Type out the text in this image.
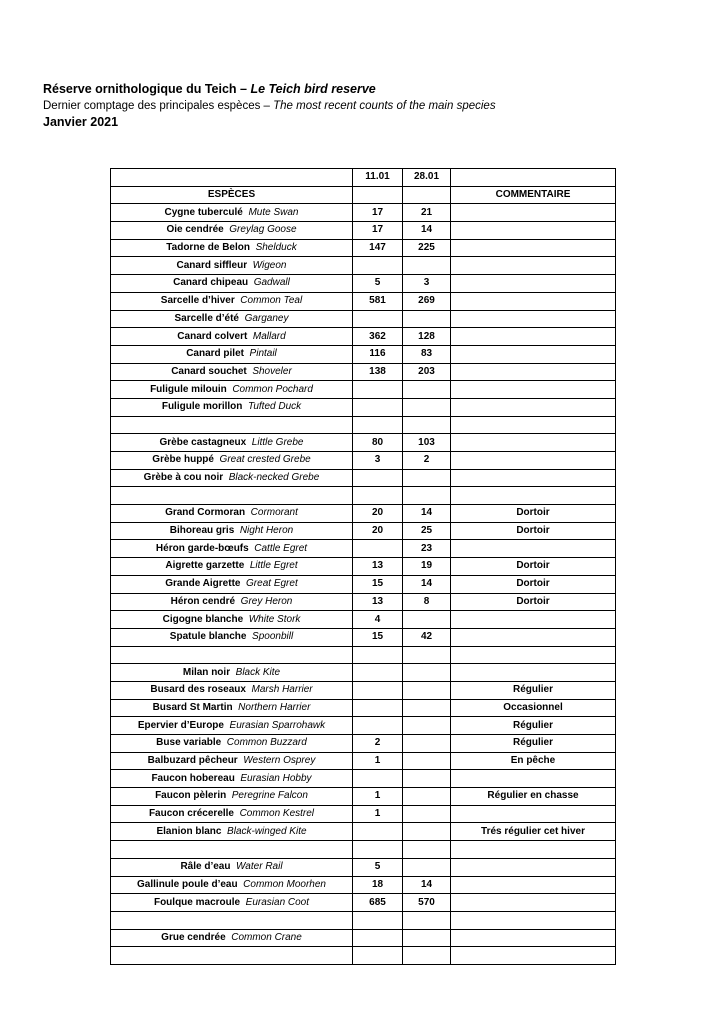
Réserve ornithologique du Teich – Le Teich bird reserve
Dernier comptage des principales espèces – The most recent counts of the main species
Janvier 2021
	11.01	28.01	
ESPÈCES			COMMENTAIRE
Cygne tuberculé Mute Swan	17	21	
Oie cendrée Greylag Goose	17	14	
Tadorne de Belon Shelduck	147	225	
Canard siffleur Wigeon			
Canard chipeau Gadwall	5	3	
Sarcelle d’hiver Common Teal	581	269	
Sarcelle d’été Garganey			
Canard colvert Mallard	362	128	
Canard pilet Pintail	116	83	
Canard souchet Shoveler	138	203	
Fuligule milouin Common Pochard			
Fuligule morillon Tufted Duck			

Grèbe castagneux Little Grebe	80	103	
Grèbe huppé Great crested Grebe	3	2	
Grèbe à cou noir Black-necked Grebe			

Grand Cormoran Cormorant	20	14	Dortoir
Bihoreau gris Night Heron	20	25	Dortoir
Héron garde-bœufs Cattle Egret		23	
Aigrette garzette Little Egret	13	19	Dortoir
Grande Aigrette Great Egret	15	14	Dortoir
Héron cendré Grey Heron	13	8	Dortoir
Cigogne blanche White Stork	4		
Spatule blanche Spoonbill	15	42	

Milan noir Black Kite			
Busard des roseaux Marsh Harrier			Régulier
Busard St Martin Northern Harrier			Occasionnel
Epervier d’Europe Eurasian Sparrohawk			Régulier
Buse variable Common Buzzard	2		Régulier
Balbuzard pêcheur Western Osprey	1		En pêche
Faucon hobereau Eurasian Hobby			
Faucon pèlerin Peregrine Falcon	1		Régulier en chasse
Faucon crécerelle Common Kestrel	1		
Elanion blanc Black-winged Kite			Trés régulier cet hiver

Râle d’eau Water Rail	5		
Gallinule poule d’eau Common Moorhen	18	14	
Foulque macroule Eurasian Coot	685	570	

Grue cendrée Common Crane			
